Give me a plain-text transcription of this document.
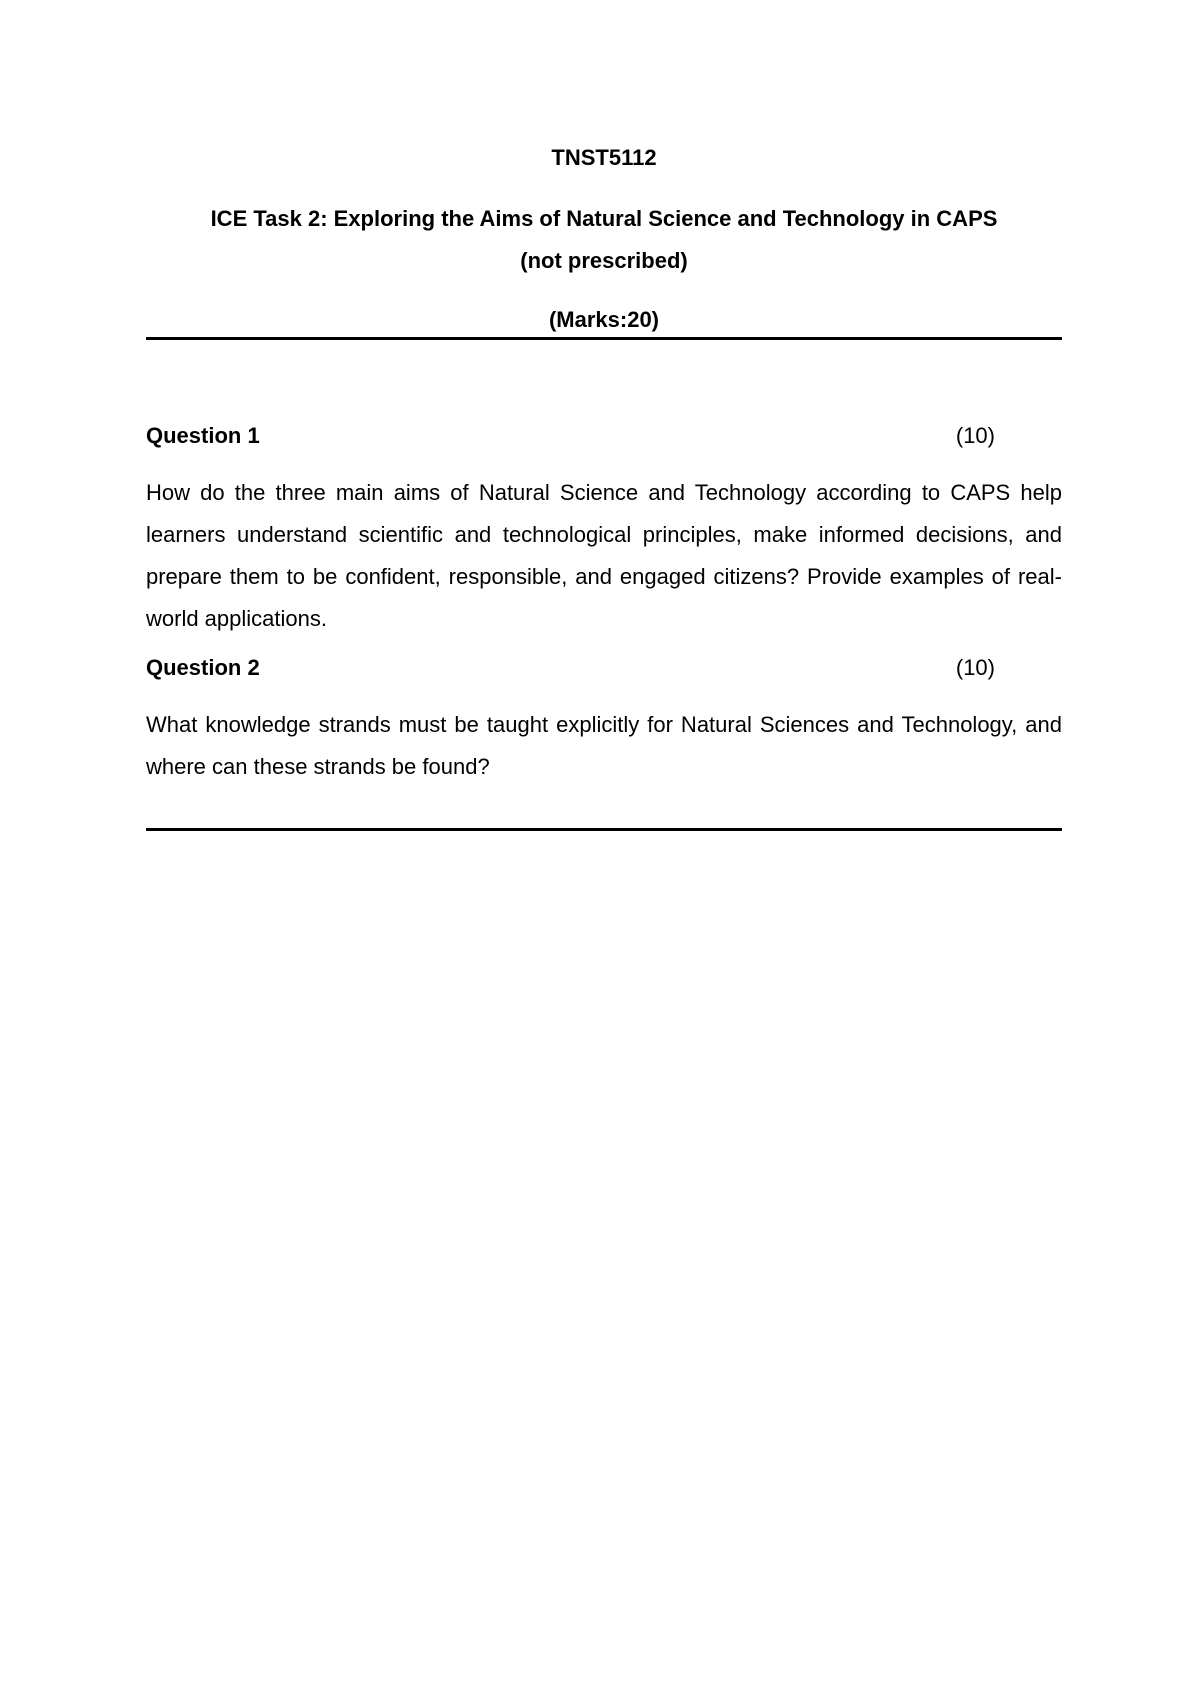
TNST5112

ICE Task 2: Exploring the Aims of Natural Science and Technology in CAPS
(not prescribed)

(Marks:20)

Question 1	(10)

How do the three main aims of Natural Science and Technology according to CAPS help learners understand scientific and technological principles, make informed decisions, and prepare them to be confident, responsible, and engaged citizens? Provide examples of real-world applications.

Question 2	(10)

What knowledge strands must be taught explicitly for Natural Sciences and Technology, and where can these strands be found?
